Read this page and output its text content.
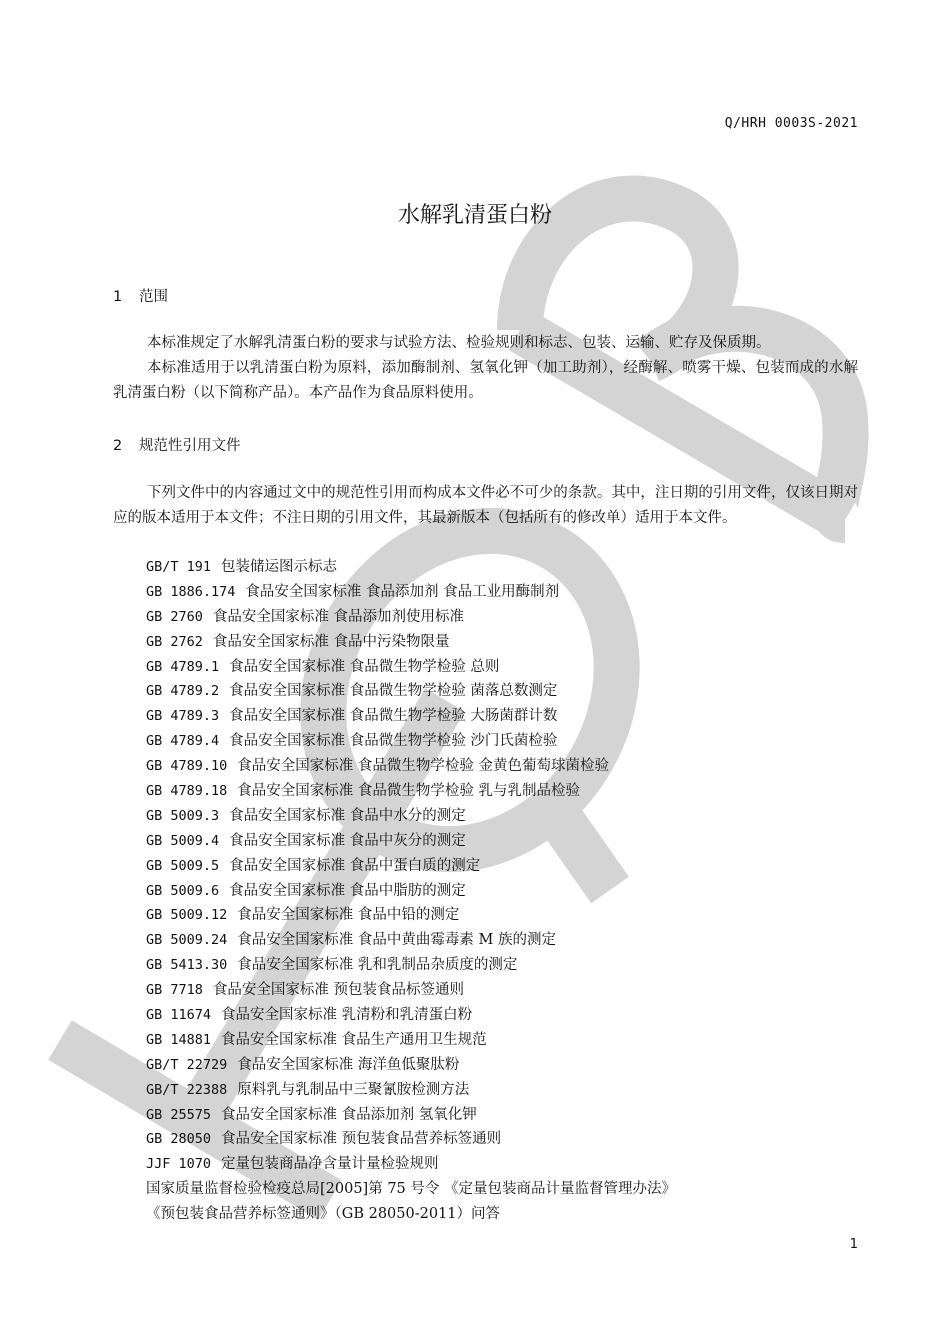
Q/HRH 0003S-2021
水解乳清蛋白粉
1 范围
本标准规定了水解乳清蛋白粉的要求与试验方法、检验规则和标志、包装、运输、贮存及保质期。
本标准适用于以乳清蛋白粉为原料，添加酶制剂、氢氧化钾（加工助剂），经酶解、喷雾干燥、包装而成的水解乳清蛋白粉（以下简称产品）。本产品作为食品原料使用。
2 规范性引用文件
下列文件中的内容通过文中的规范性引用而构成本文件必不可少的条款。其中，注日期的引用文件，仅该日期对应的版本适用于本文件；不注日期的引用文件，其最新版本（包括所有的修改单）适用于本文件。
GB/T 191 包装储运图示标志
GB 1886.174 食品安全国家标准 食品添加剂 食品工业用酶制剂
GB 2760 食品安全国家标准 食品添加剂使用标准
GB 2762 食品安全国家标准 食品中污染物限量
GB 4789.1 食品安全国家标准 食品微生物学检验 总则
GB 4789.2 食品安全国家标准 食品微生物学检验 菌落总数测定
GB 4789.3 食品安全国家标准 食品微生物学检验 大肠菌群计数
GB 4789.4 食品安全国家标准 食品微生物学检验 沙门氏菌检验
GB 4789.10 食品安全国家标准 食品微生物学检验 金黄色葡萄球菌检验
GB 4789.18 食品安全国家标准 食品微生物学检验 乳与乳制品检验
GB 5009.3 食品安全国家标准 食品中水分的测定
GB 5009.4 食品安全国家标准 食品中灰分的测定
GB 5009.5 食品安全国家标准 食品中蛋白质的测定
GB 5009.6 食品安全国家标准 食品中脂肪的测定
GB 5009.12 食品安全国家标准 食品中铅的测定
GB 5009.24 食品安全国家标准 食品中黄曲霉毒素 M 族的测定
GB 5413.30 食品安全国家标准 乳和乳制品杂质度的测定
GB 7718 食品安全国家标准 预包装食品标签通则
GB 11674 食品安全国家标准 乳清粉和乳清蛋白粉
GB 14881 食品安全国家标准 食品生产通用卫生规范
GB/T 22729 食品安全国家标准 海洋鱼低聚肽粉
GB/T 22388 原料乳与乳制品中三聚氰胺检测方法
GB 25575 食品安全国家标准 食品添加剂 氢氧化钾
GB 28050 食品安全国家标准 预包装食品营养标签通则
JJF 1070 定量包装商品净含量计量检验规则
国家质量监督检验检疫总局[2005]第 75 号令 《定量包装商品计量监督管理办法》
《预包装食品营养标签通则》（GB 28050-2011）问答
1
